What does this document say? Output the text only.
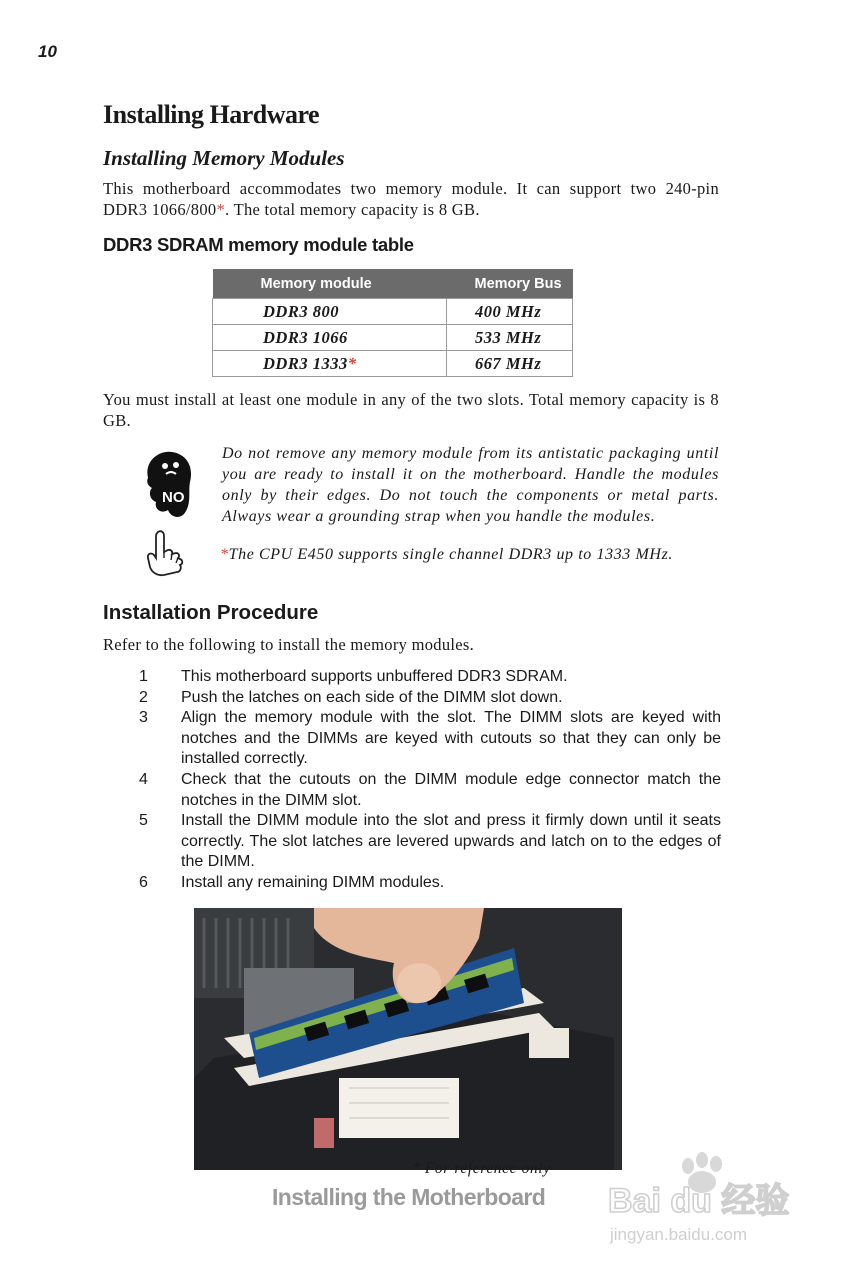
10
Installing Hardware
Installing Memory Modules
This motherboard accommodates two memory module. It can support two 240-pin DDR3 1066/800*. The total memory capacity is 8 GB.
DDR3 SDRAM memory module table
Memory module	Memory Bus
DDR3 800	400 MHz
DDR3 1066	533 MHz
DDR3 1333*	667 MHz
You must install at least one module in any of the two slots. Total memory capacity is 8 GB.
NO
Do not remove any memory module from its antistatic packaging until you are ready to install it on the motherboard. Handle the modules only by their edges. Do not touch the components or metal parts. Always wear a grounding strap when you handle the modules.
*The CPU E450 supports single channel DDR3 up to 1333 MHz.
Installation Procedure
Refer to the following to install the memory modules.
1	This motherboard supports unbuffered DDR3 SDRAM.
2	Push the latches on each side of the DIMM slot down.
3	Align the memory module with the slot. The DIMM slots are keyed with notches and the DIMMs are keyed with cutouts so that they can only be installed correctly.
4	Check that the cutouts on the DIMM module edge connector match the notches in the DIMM slot.
5	Install the DIMM module into the slot and press it firmly down until it seats correctly. The slot latches are levered upwards and latch on to the edges of the DIMM.
6	Install any remaining DIMM modules.
* For reference only
Installing the Motherboard Bai du 经验
jingyan.baidu.com
